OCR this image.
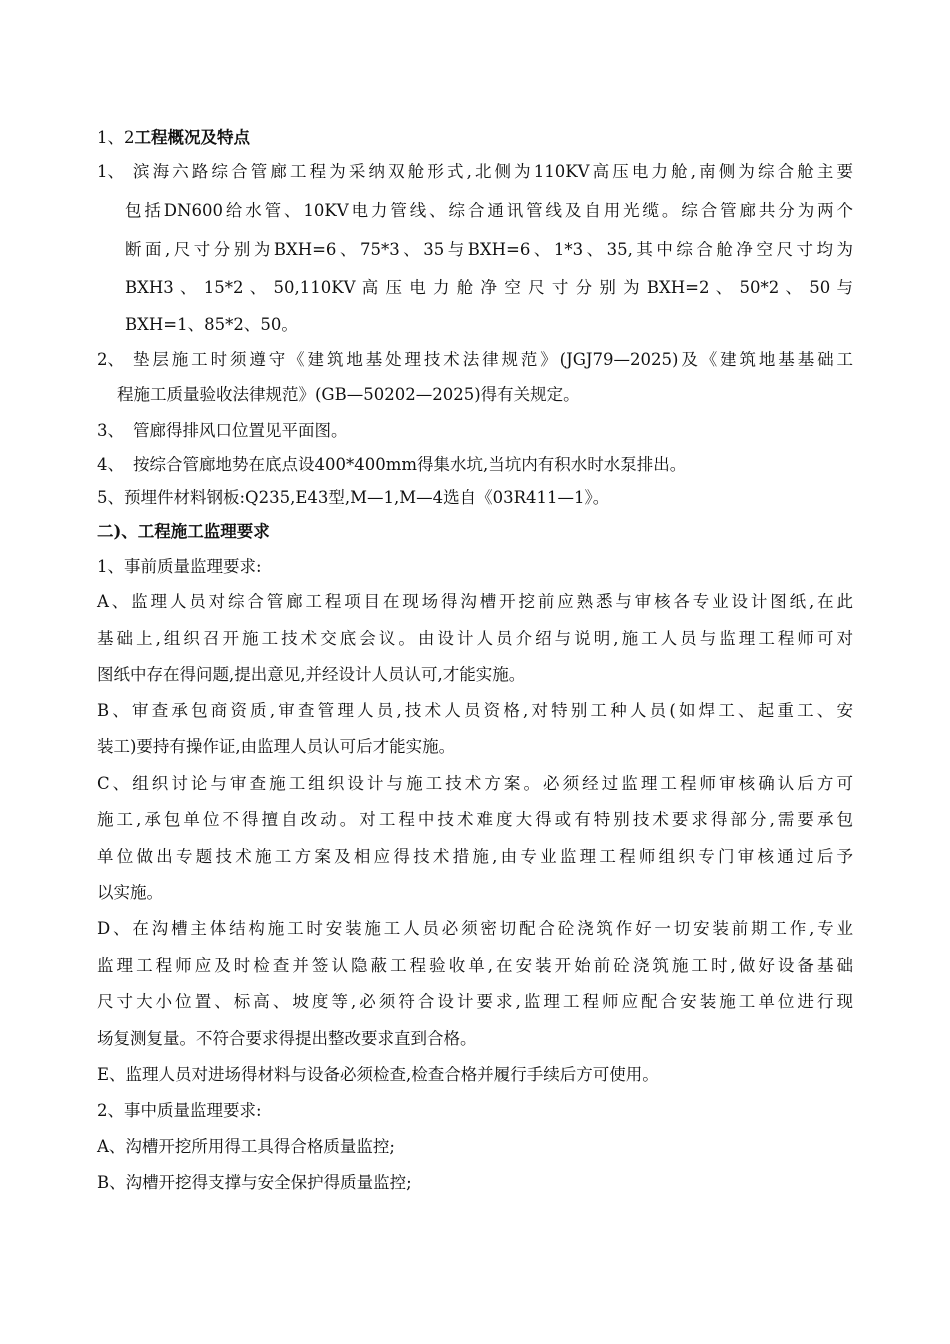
1、2工程概况及特点
1、 滨海六路综合管廊工程为采纳双舱形式,北侧为110KV高压电力舱,南侧为综合舱主要
包括DN600给水管、10KV电力管线、综合通讯管线及自用光缆。综合管廊共分为两个
断面,尺寸分别为BXH=6、75*3、35与BXH=6、1*3、35,其中综合舱净空尺寸均为
BXH3 、 15*2 、 50,110KV 高 压 电 力 舱 净 空 尺 寸 分 别 为 BXH=2 、 50*2 、 50 与
BXH=1、85*2、50。
2、 垫层施工时须遵守《建筑地基处理技术法律规范》(JGJ79—2025)及《建筑地基基础工
程施工质量验收法律规范》(GB—50202—2025)得有关规定。
3、 管廊得排风口位置见平面图。
4、 按综合管廊地势在底点设400*400mm得集水坑,当坑内有积水时水泵排出。
5、预埋件材料钢板:Q235,E43型,M—1,M—4选自《03R411—1》。
二)、工程施工监理要求
1、事前质量监理要求:
A、监理人员对综合管廊工程项目在现场得沟槽开挖前应熟悉与审核各专业设计图纸,在此
基础上,组织召开施工技术交底会议。由设计人员介绍与说明,施工人员与监理工程师可对
图纸中存在得问题,提出意见,并经设计人员认可,才能实施。
B、审查承包商资质,审查管理人员,技术人员资格,对特别工种人员(如焊工、起重工、安
装工)要持有操作证,由监理人员认可后才能实施。
C、组织讨论与审查施工组织设计与施工技术方案。必须经过监理工程师审核确认后方可
施工,承包单位不得擅自改动。对工程中技术难度大得或有特别技术要求得部分,需要承包
单位做出专题技术施工方案及相应得技术措施,由专业监理工程师组织专门审核通过后予
以实施。
D、在沟槽主体结构施工时安装施工人员必须密切配合砼浇筑作好一切安装前期工作,专业
监理工程师应及时检查并签认隐蔽工程验收单,在安装开始前砼浇筑施工时,做好设备基础
尺寸大小位置、标高、坡度等,必须符合设计要求,监理工程师应配合安装施工单位进行现
场复测复量。不符合要求得提出整改要求直到合格。
E、监理人员对进场得材料与设备必须检查,检查合格并履行手续后方可使用。
2、事中质量监理要求:
A、沟槽开挖所用得工具得合格质量监控;
B、沟槽开挖得支撑与安全保护得质量监控;
